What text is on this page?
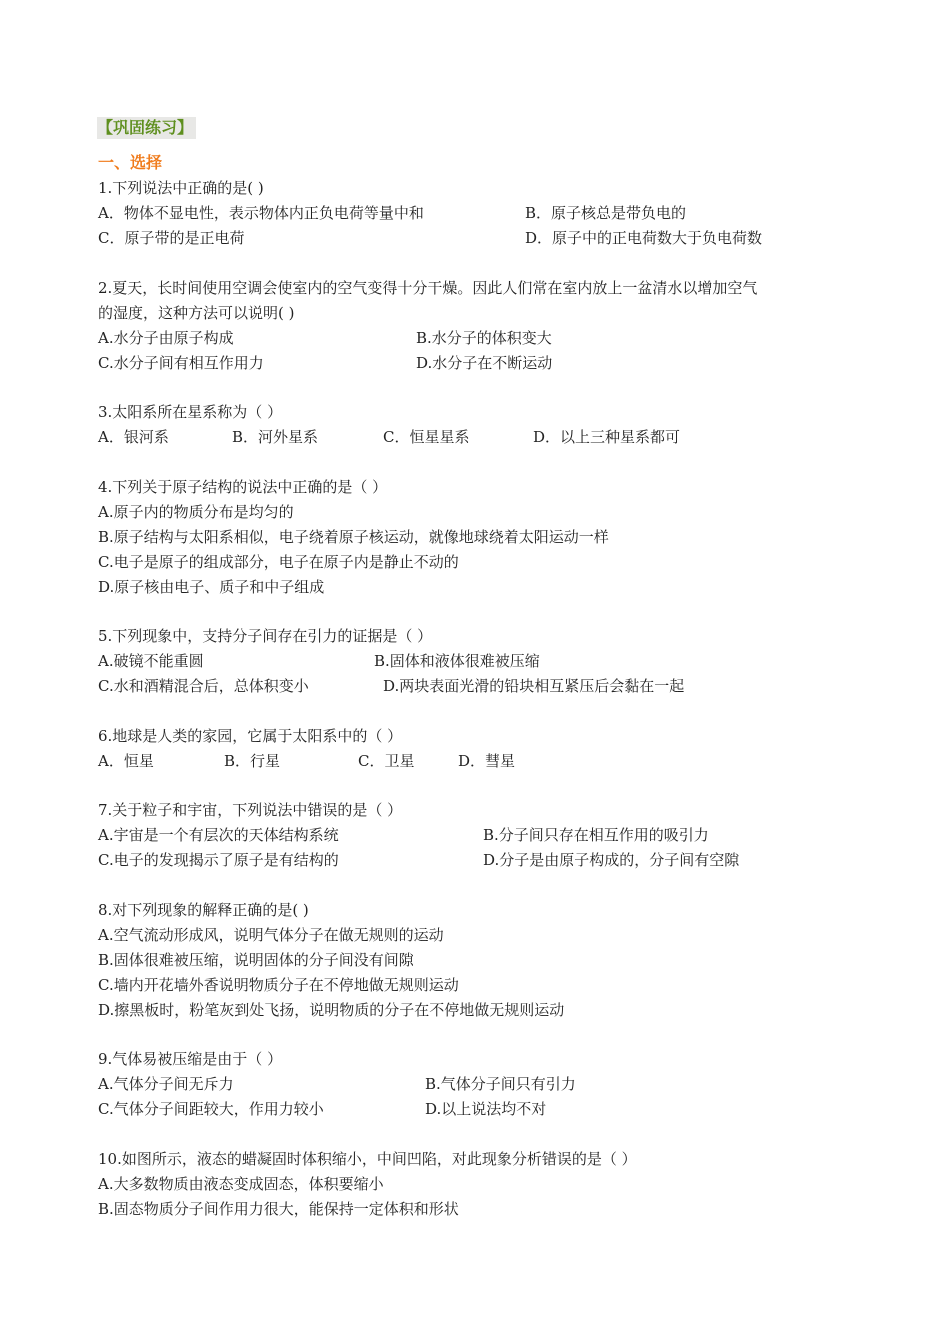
【巩固练习】
一、选择
1.下列说法中正确的是( )
A．物体不显电性，表示物体内正负电荷等量中和	B．原子核总是带负电的
C．原子带的是正电荷	D．原子中的正电荷数大于负电荷数
2.夏天，长时间使用空调会使室内的空气变得十分干燥。因此人们常在室内放上一盆清水以增加空气
的湿度，这种方法可以说明( )
A.水分子由原子构成	B.水分子的体积变大
C.水分子间有相互作用力	D.水分子在不断运动
3.太阳系所在星系称为（ ）
A．银河系	B．河外星系	C．恒星星系	D．以上三种星系都可
4.下列关于原子结构的说法中正确的是（ ）
A.原子内的物质分布是均匀的
B.原子结构与太阳系相似，电子绕着原子核运动，就像地球绕着太阳运动一样
C.电子是原子的组成部分，电子在原子内是静止不动的
D.原子核由电子、质子和中子组成
5.下列现象中，支持分子间存在引力的证据是（ ）
A.破镜不能重圆	B.固体和液体很难被压缩
C.水和酒精混合后，总体积变小	D.两块表面光滑的铅块相互紧压后会黏在一起
6.地球是人类的家园，它属于太阳系中的（ ）
A．恒星	B．行星	C．卫星	D．彗星
7.关于粒子和宇宙，下列说法中错误的是（ ）
A.宇宙是一个有层次的天体结构系统	B.分子间只存在相互作用的吸引力
C.电子的发现揭示了原子是有结构的	D.分子是由原子构成的，分子间有空隙
8.对下列现象的解释正确的是( )
A.空气流动形成风，说明气体分子在做无规则的运动
B.固体很难被压缩，说明固体的分子间没有间隙
C.墙内开花墙外香说明物质分子在不停地做无规则运动
D.擦黑板时，粉笔灰到处飞扬，说明物质的分子在不停地做无规则运动
9.气体易被压缩是由于（ ）
A.气体分子间无斥力	B.气体分子间只有引力
C.气体分子间距较大，作用力较小	D.以上说法均不对
10.如图所示，液态的蜡凝固时体积缩小，中间凹陷，对此现象分析错误的是（ ）
A.大多数物质由液态变成固态，体积要缩小
B.固态物质分子间作用力很大，能保持一定体积和形状
